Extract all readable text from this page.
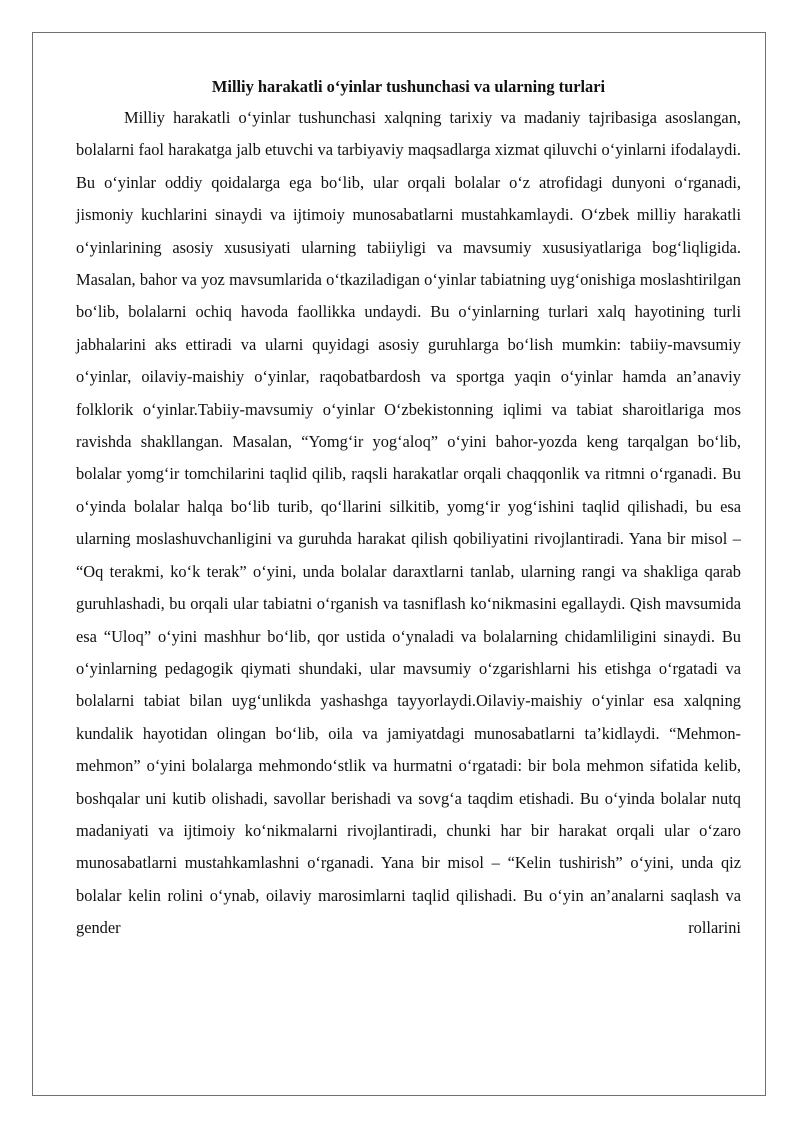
Milliy harakatli o‘yinlar tushunchasi va ularning turlari

Milliy harakatli o‘yinlar tushunchasi xalqning tarixiy va madaniy tajribasiga asoslangan, bolalarni faol harakatga jalb etuvchi va tarbiyaviy maqsadlarga xizmat qiluvchi o‘yinlarni ifodalaydi. Bu o‘yinlar oddiy qoidalarga ega bo‘lib, ular orqali bolalar o‘z atrofidagi dunyoni o‘rganadi, jismoniy kuchlarini sinaydi va ijtimoiy munosabatlarni mustahkamlaydi. O‘zbek milliy harakatli o‘yinlarining asosiy xususiyati ularning tabiiyligi va mavsumiy xususiyatlariga bog‘liqligida. Masalan, bahor va yoz mavsumlarida o‘tkaziladigan o‘yinlar tabiatning uyg‘onishiga moslashtirilgan bo‘lib, bolalarni ochiq havoda faollikka undaydi. Bu o‘yinlarning turlari xalq hayotining turli jabhalarini aks ettiradi va ularni quyidagi asosiy guruhlarga bo‘lish mumkin: tabiiy-mavsumiy o‘yinlar, oilaviy-maishiy o‘yinlar, raqobatbardosh va sportga yaqin o‘yinlar hamda an’anaviy folklorik o‘yinlar.Tabiiy-mavsumiy o‘yinlar O‘zbekistonning iqlimi va tabiat sharoitlariga mos ravishda shakllangan. Masalan, “Yomg‘ir yog‘aloq” o‘yini bahor-yozda keng tarqalgan bo‘lib, bolalar yomg‘ir tomchilarini taqlid qilib, raqsli harakatlar orqali chaqqonlik va ritmni o‘rganadi. Bu o‘yinda bolalar halqa bo‘lib turib, qo‘llarini silkitib, yomg‘ir yog‘ishini taqlid qilishadi, bu esa ularning moslashuvchanligini va guruhda harakat qilish qobiliyatini rivojlantiradi. Yana bir misol – “Oq terakmi, ko‘k terak” o‘yini, unda bolalar daraxtlarni tanlab, ularning rangi va shakliga qarab guruhlashadi, bu orqali ular tabiatni o‘rganish va tasniflash ko‘nikmasini egallaydi. Qish mavsumida esa “Uloq” o‘yini mashhur bo‘lib, qor ustida o‘ynaladi va bolalarning chidamliligini sinaydi. Bu o‘yinlarning pedagogik qiymati shundaki, ular mavsumiy o‘zgarishlarni his etishga o‘rgatadi va bolalarni tabiat bilan uyg‘unlikda yashashga tayyorlaydi.Oilaviy-maishiy o‘yinlar esa xalqning kundalik hayotidan olingan bo‘lib, oila va jamiyatdagi munosabatlarni ta’kidlaydi. “Mehmon-mehmon” o‘yini bolalarga mehmondo‘stlik va hurmatni o‘rgatadi: bir bola mehmon sifatida kelib, boshqalar uni kutib olishadi, savollar berishadi va sovg‘a taqdim etishadi. Bu o‘yinda bolalar nutq madaniyati va ijtimoiy ko‘nikmalarni rivojlantiradi, chunki har bir harakat orqali ular o‘zaro munosabatlarni mustahkamlashni o‘rganadi. Yana bir misol – “Kelin tushirish” o‘yini, unda qiz bolalar kelin rolini o‘ynab, oilaviy marosimlarni taqlid qilishadi. Bu o‘yin an’analarni saqlash va gender rollarini
